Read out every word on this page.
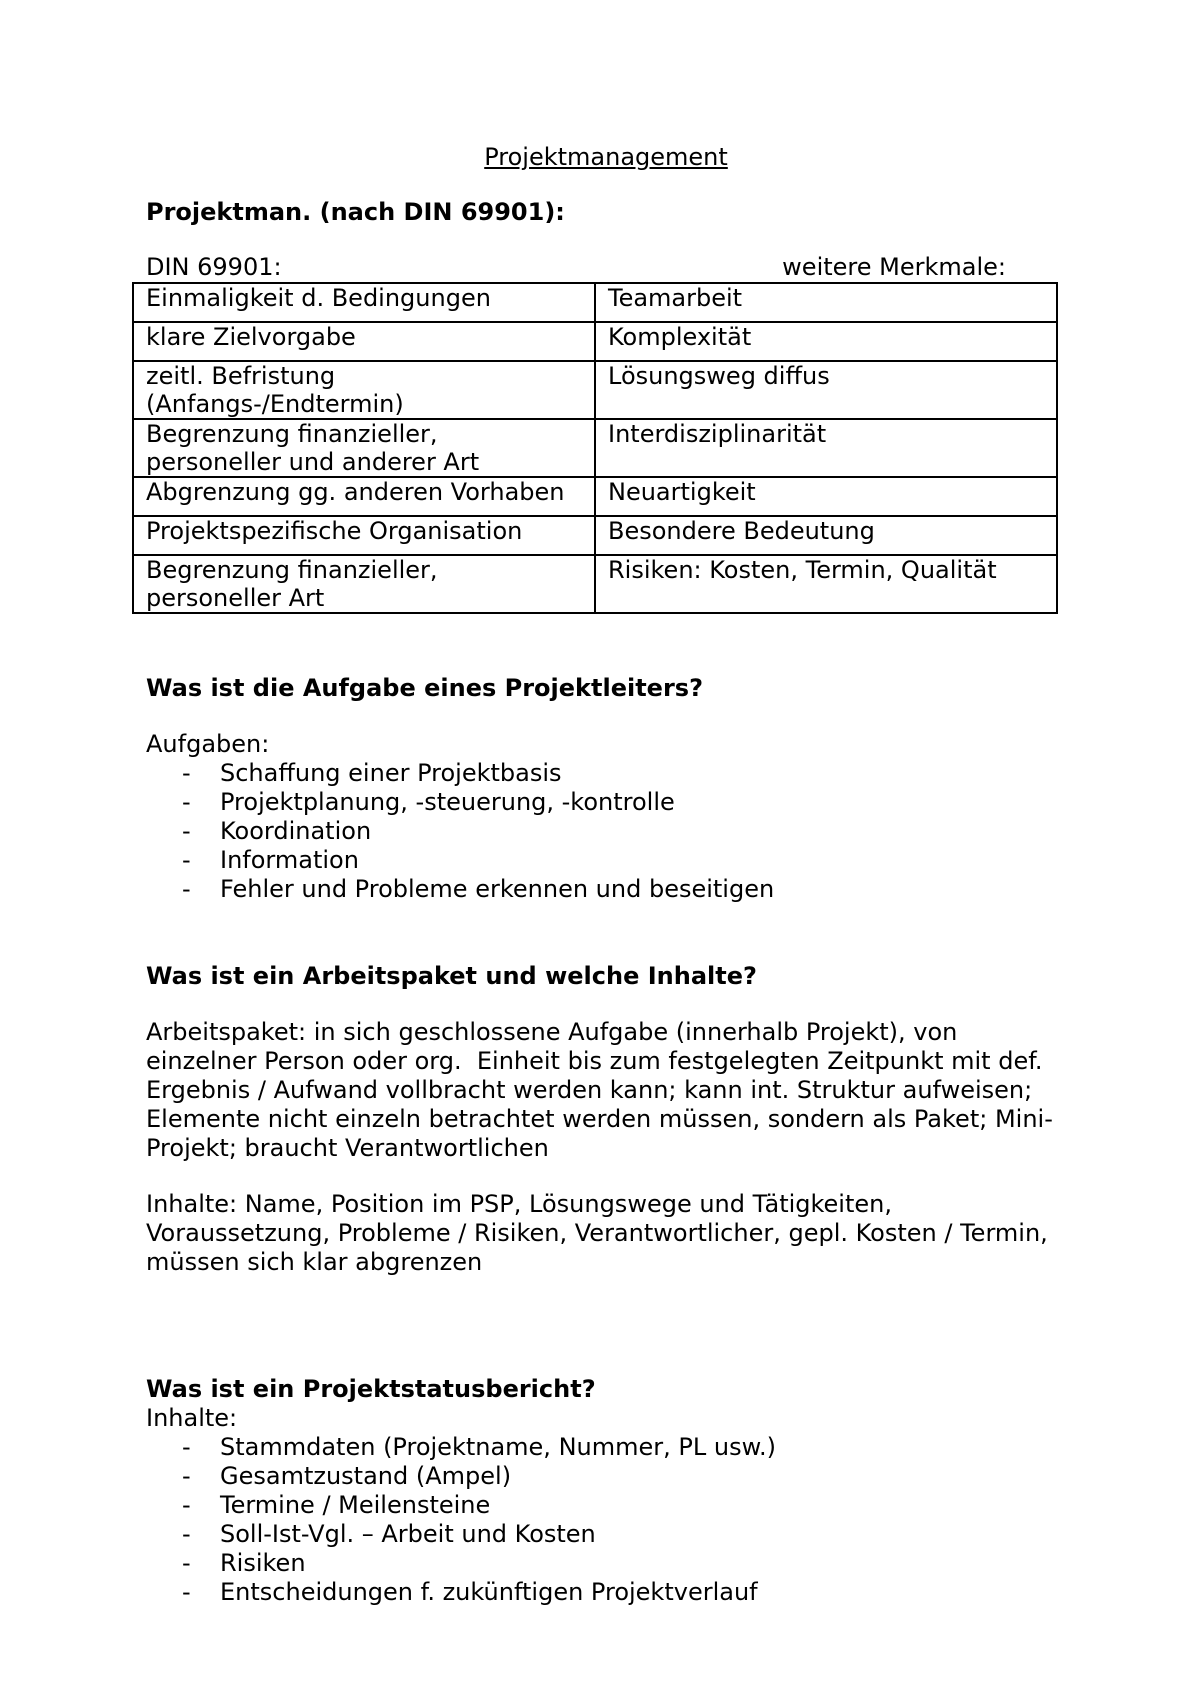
Projektmanagement
Projektman. (nach DIN 69901):
DIN 69901:	weitere Merkmale:
Einmaligkeit d. Bedingungen	Teamarbeit
klare Zielvorgabe	Komplexität
zeitl. Befristung
(Anfangs-/Endtermin)	Lösungsweg diffus
Begrenzung finanzieller,
personeller und anderer Art	Interdisziplinarität
Abgrenzung gg. anderen Vorhaben	Neuartigkeit
Projektspezifische Organisation	Besondere Bedeutung
Begrenzung finanzieller,
personeller Art	Risiken: Kosten, Termin, Qualität
Was ist die Aufgabe eines Projektleiters?
Aufgaben:
- Schaffung einer Projektbasis
- Projektplanung, -steuerung, -kontrolle
- Koordination
- Information
- Fehler und Probleme erkennen und beseitigen
Was ist ein Arbeitspaket und welche Inhalte?
Arbeitspaket: in sich geschlossene Aufgabe (innerhalb Projekt), von
einzelner Person oder org.  Einheit bis zum festgelegten Zeitpunkt mit def.
Ergebnis / Aufwand vollbracht werden kann; kann int. Struktur aufweisen;
Elemente nicht einzeln betrachtet werden müssen, sondern als Paket; Mini-
Projekt; braucht Verantwortlichen
Inhalte: Name, Position im PSP, Lösungswege und Tätigkeiten,
Voraussetzung, Probleme / Risiken, Verantwortlicher, gepl. Kosten / Termin,
müssen sich klar abgrenzen
Was ist ein Projektstatusbericht?
Inhalte:
- Stammdaten (Projektname, Nummer, PL usw.)
- Gesamtzustand (Ampel)
- Termine / Meilensteine
- Soll-Ist-Vgl. – Arbeit und Kosten
- Risiken
- Entscheidungen f. zukünftigen Projektverlauf
